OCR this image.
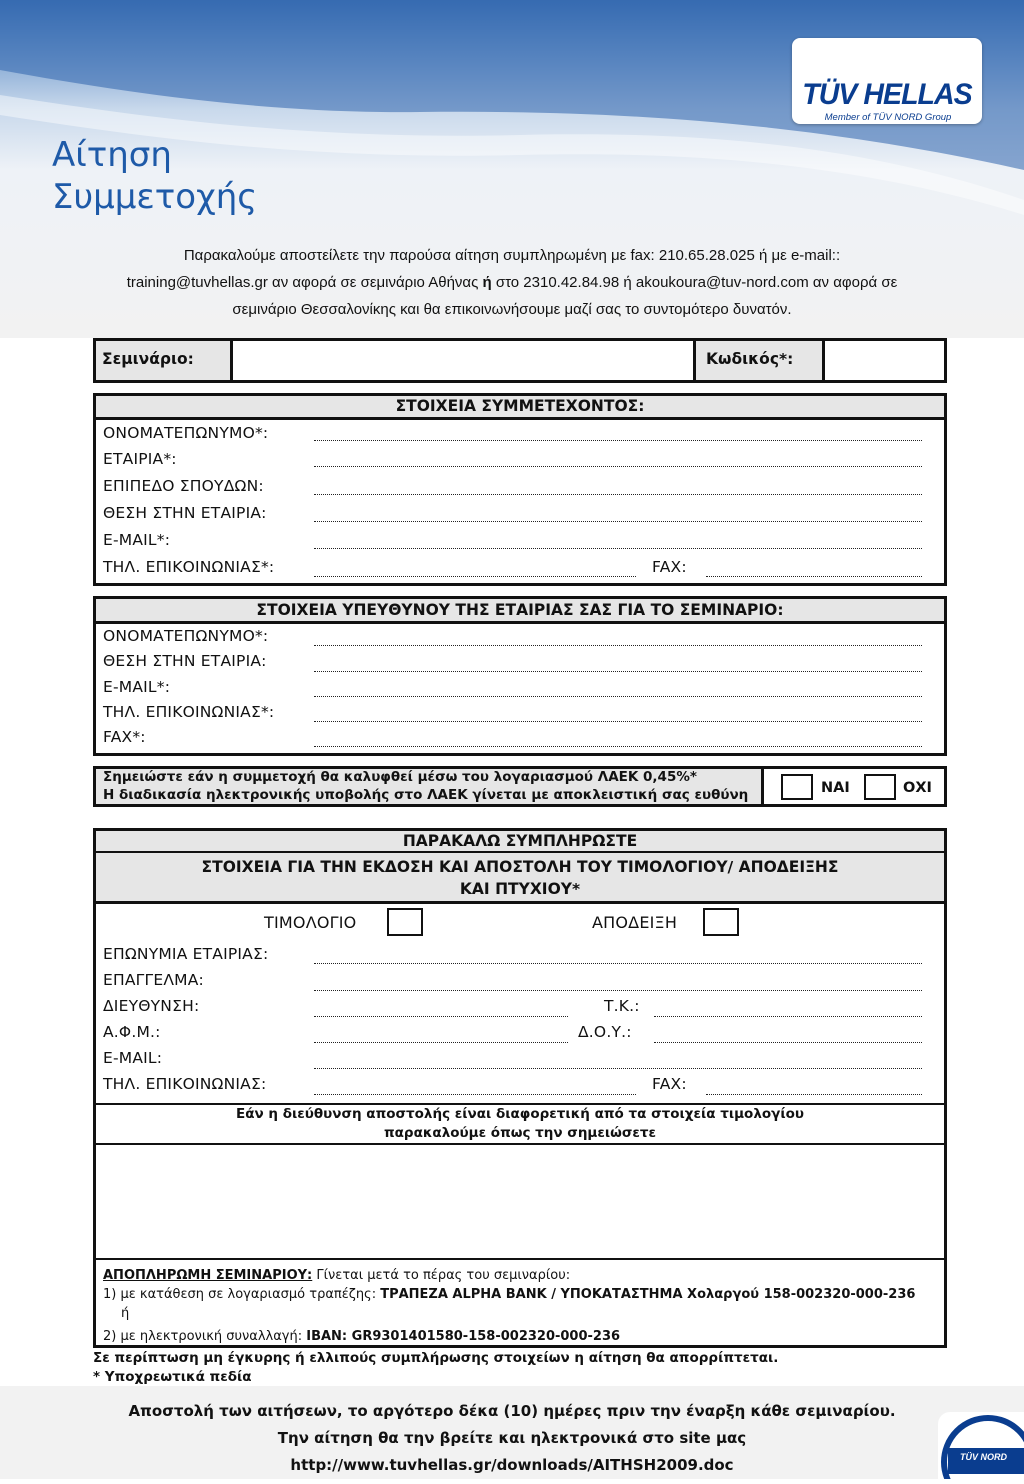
TÜV HELLAS
Member of TÜV NORD Group
Αίτηση
Συμμετοχής
Παρακαλούμε αποστείλετε την παρούσα αίτηση συμπληρωμένη με fax: 210.65.28.025 ή με e-mail::
training@tuvhellas.gr αν αφορά σε σεμινάριο Αθήνας ή στο 2310.42.84.98 ή akoukoura@tuv-nord.com αν αφορά σε
σεμινάριο Θεσσαλονίκης και θα επικοινωνήσουμε μαζί σας το συντομότερο δυνατόν.
Σεμινάριο:	Κωδικός*:
ΣΤΟΙΧΕΙΑ ΣΥΜΜΕΤΕΧΟΝΤΟΣ:
ΟΝΟΜΑΤΕΠΩΝΥΜΟ*:
ΕΤΑΙΡΙΑ*:
ΕΠΙΠΕΔΟ ΣΠΟΥΔΩΝ:
ΘΕΣΗ ΣΤΗΝ ΕΤΑΙΡΙΑ:
E-MAIL*:
ΤΗΛ. ΕΠΙΚΟΙΝΩΝΙΑΣ*:	FAX:
ΣΤΟΙΧΕΙΑ ΥΠΕΥΘΥΝΟΥ ΤΗΣ ΕΤΑΙΡΙΑΣ ΣΑΣ ΓΙΑ ΤΟ ΣΕΜΙΝΑΡΙΟ:
ΟΝΟΜΑΤΕΠΩΝΥΜΟ*:
ΘΕΣΗ ΣΤΗΝ ΕΤΑΙΡΙΑ:
E-MAIL*:
ΤΗΛ. ΕΠΙΚΟΙΝΩΝΙΑΣ*:
FAX*:
Σημειώστε εάν η συμμετοχή θα καλυφθεί μέσω του λογαριασμού ΛΑΕΚ 0,45%*
Η διαδικασία ηλεκτρονικής υποβολής στο ΛΑΕΚ γίνεται με αποκλειστική σας ευθύνη	ΝΑΙ	ΟΧΙ
ΠΑΡΑΚΑΛΩ ΣΥΜΠΛΗΡΩΣΤΕ
ΣΤΟΙΧΕΙΑ ΓΙΑ ΤΗΝ ΕΚΔΟΣΗ ΚΑΙ ΑΠΟΣΤΟΛΗ ΤΟΥ ΤΙΜΟΛΟΓΙΟΥ/ ΑΠΟΔΕΙΞΗΣ
ΚΑΙ ΠΤΥΧΙΟΥ*
ΤΙΜΟΛΟΓΙΟ	ΑΠΟΔΕΙΞΗ
ΕΠΩΝΥΜΙΑ ΕΤΑΙΡΙΑΣ:
ΕΠΑΓΓΕΛΜΑ:
ΔΙΕΥΘΥΝΣΗ:	Τ.Κ.:
Α.Φ.Μ.:	Δ.Ο.Υ.:
E-MAIL:
ΤΗΛ. ΕΠΙΚΟΙΝΩΝΙΑΣ:	FAX:
Εάν η διεύθυνση αποστολής είναι διαφορετική από τα στοιχεία τιμολογίου
παρακαλούμε όπως την σημειώσετε
ΑΠΟΠΛΗΡΩΜΗ ΣΕΜΙΝΑΡΙΟΥ: Γίνεται μετά το πέρας του σεμιναρίου:
1) με κατάθεση σε λογαριασμό τραπέζης: ΤΡΑΠΕΖΑ ALPHA BANK / ΥΠΟΚΑΤΑΣΤΗΜΑ Χολαργού 158-002320-000-236
ή
2) με ηλεκτρονική συναλλαγή: IBAN: GR9301401580-158-002320-000-236
Σε περίπτωση μη έγκυρης ή ελλιπούς συμπλήρωσης στοιχείων η αίτηση θα απορρίπτεται.
* Υποχρεωτικά πεδία
Αποστολή των αιτήσεων, το αργότερο δέκα (10) ημέρες πριν την έναρξη κάθε σεμιναρίου.
Την αίτηση θα την βρείτε και ηλεκτρονικά στο site μας
http://www.tuvhellas.gr/downloads/AITHSH2009.doc	TÜV NORD
